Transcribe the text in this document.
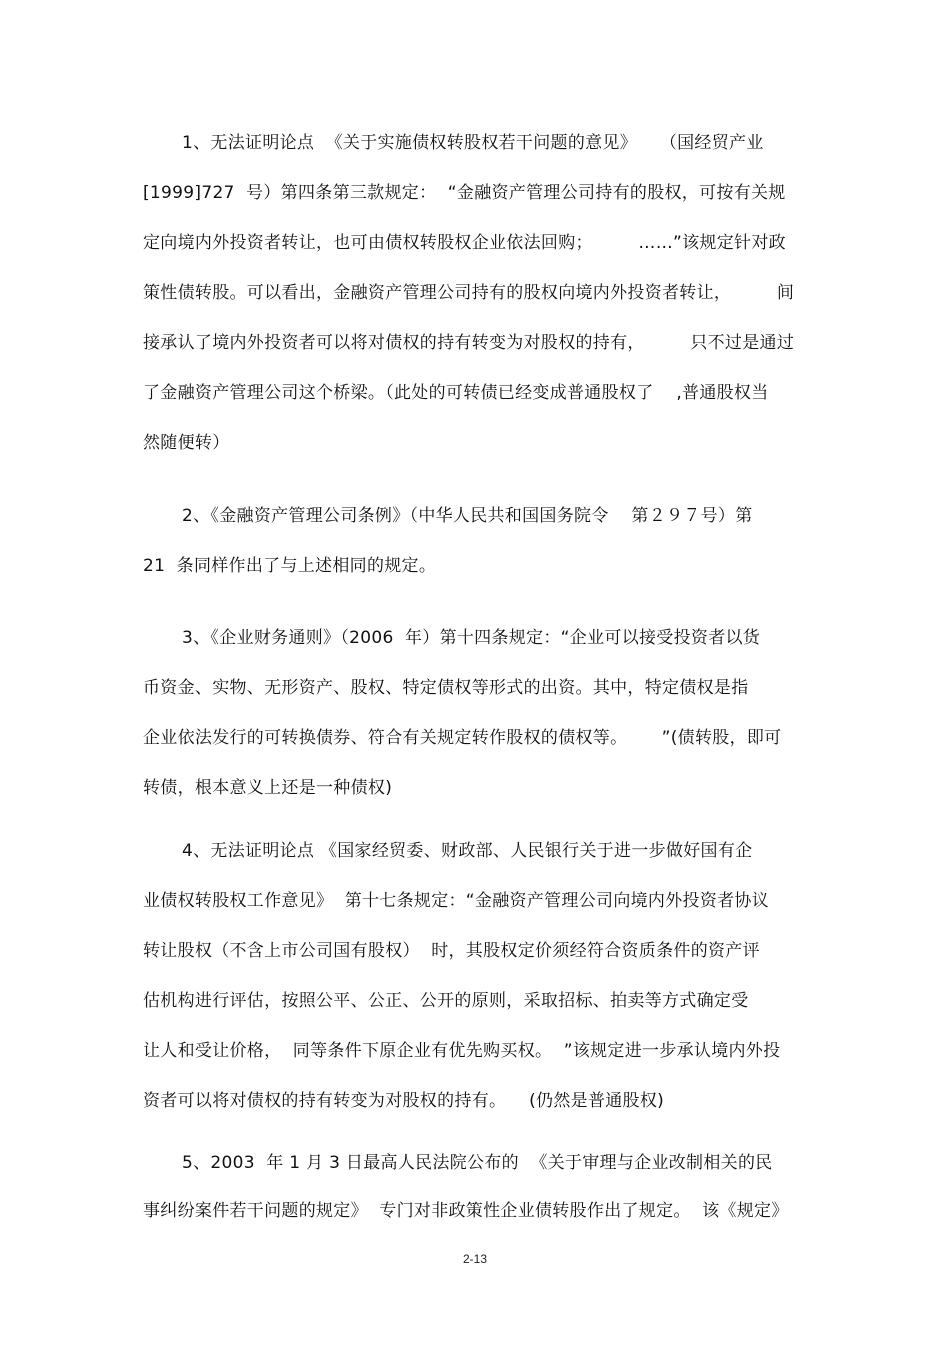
1、无法证明论点  《关于实施债权转股权若干问题的意见》    （国经贸产业
[1999]727  号）第四条第三款规定：  “金融资产管理公司持有的股权，可按有关规
定向境内外投资者转让，也可由债权转股权企业依法回购；        ……”该规定针对政
策性债转股。可以看出，金融资产管理公司持有的股权向境内外投资者转让，        间
接承认了境内外投资者可以将对债权的持有转变为对股权的持有，        只不过是通过
了金融资产管理公司这个桥梁。（此处的可转债已经变成普通股权了    ,普通股权当
然随便转）
2、《金融资产管理公司条例》（中华人民共和国国务院令    第２９７号）第
21  条同样作出了与上述相同的规定。
3、《企业财务通则》（2006  年）第十四条规定：“企业可以接受投资者以货
币资金、实物、无形资产、股权、特定债权等形式的出资。其中，特定债权是指
企业依法发行的可转换债券、符合有关规定转作股权的债权等。      ”(债转股，即可
转债，根本意义上还是一种债权)
4、无法证明论点 《国家经贸委、财政部、人民银行关于进一步做好国有企
业债权转股权工作意见》  第十七条规定：“金融资产管理公司向境内外投资者协议
转让股权（不含上市公司国有股权）  时，其股权定价须经符合资质条件的资产评
估机构进行评估，按照公平、公正、公开的原则，采取招标、拍卖等方式确定受
让人和受让价格，  同等条件下原企业有优先购买权。  ”该规定进一步承认境内外投
资者可以将对债权的持有转变为对股权的持有。    (仍然是普通股权)
5、2003  年 1 月 3 日最高人民法院公布的  《关于审理与企业改制相关的民
事纠纷案件若干问题的规定》  专门对非政策性企业债转股作出了规定。  该《规定》
2-13
